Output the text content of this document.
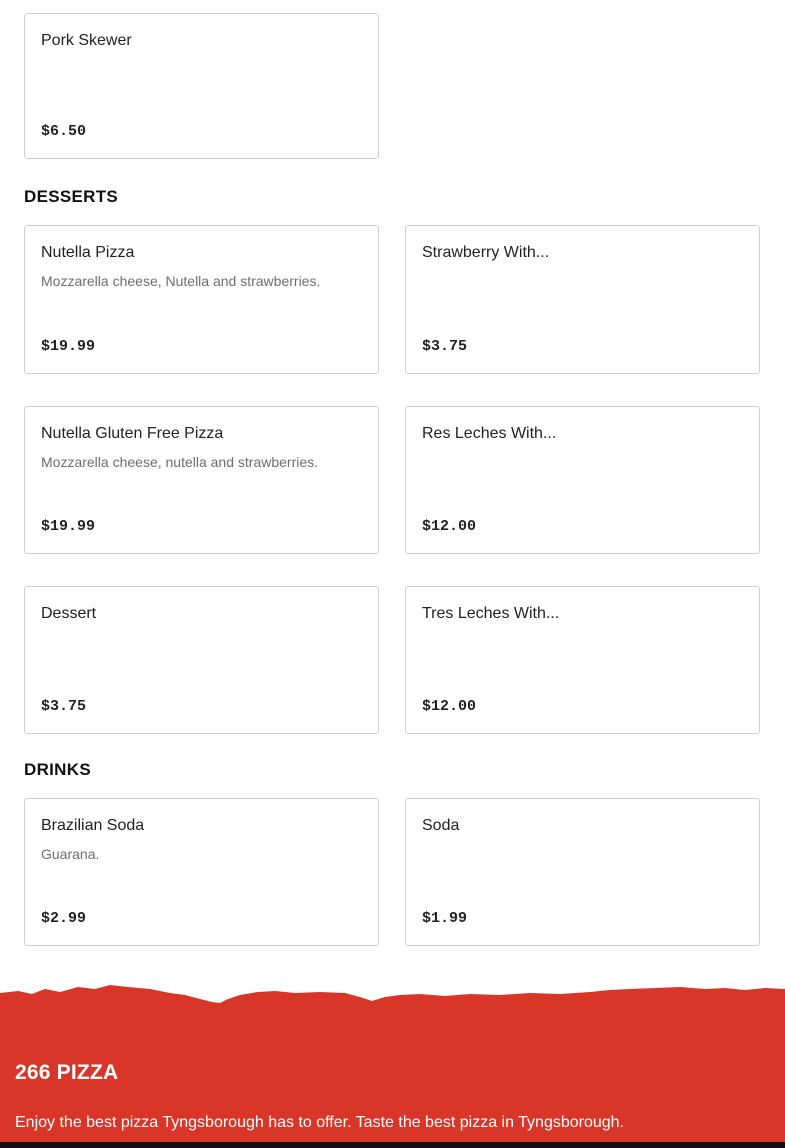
Pork Skewer
$6.50
DESSERTS
Nutella Pizza
Mozzarella cheese, Nutella and strawberries.
$19.99
Strawberry With...
$3.75
Nutella Gluten Free Pizza
Mozzarella cheese, nutella and strawberries.
$19.99
Res Leches With...
$12.00
Dessert
$3.75
Tres Leches With...
$12.00
DRINKS
Brazilian Soda
Guarana.
$2.99
Soda
$1.99
266 PIZZA
Enjoy the best pizza Tyngsborough has to offer. Taste the best pizza in Tyngsborough.
